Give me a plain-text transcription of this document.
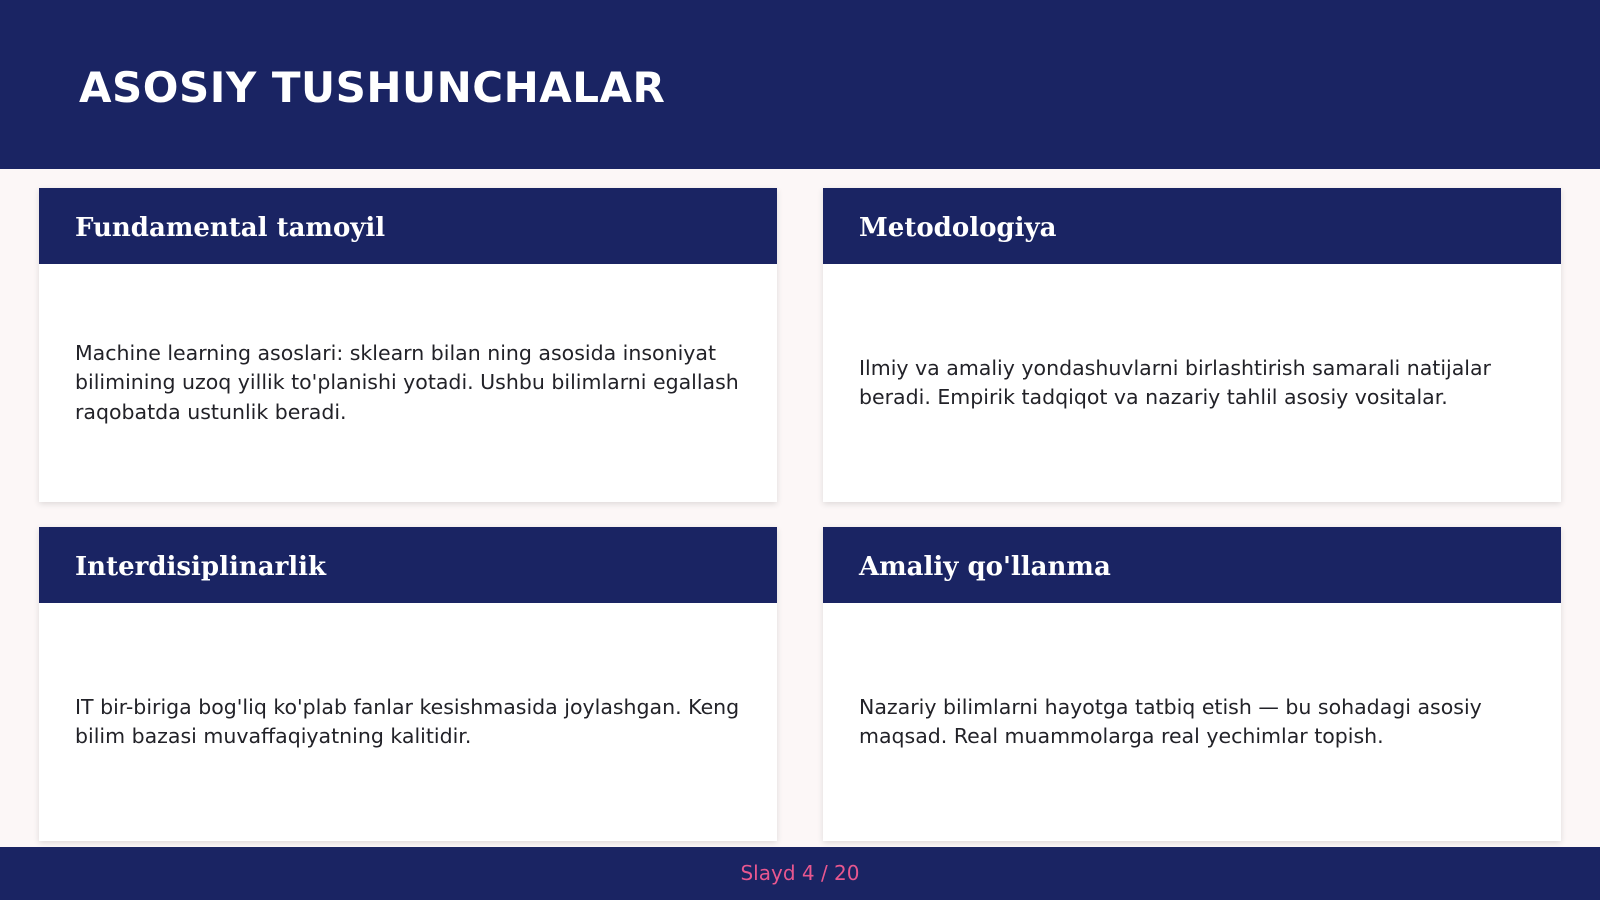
ASOSIY TUSHUNCHALAR
Fundamental tamoyil

Machine learning asoslari: sklearn bilan ning asosida insoniyat bilimining uzoq yillik to'planishi yotadi. Ushbu bilimlarni egallash raqobatda ustunlik beradi.

Metodologiya

Ilmiy va amaliy yondashuvlarni birlashtirish samarali natijalar beradi. Empirik tadqiqot va nazariy tahlil asosiy vositalar.

Interdisiplinarlik

IT bir-biriga bog'liq ko'plab fanlar kesishmasida joylashgan. Keng bilim bazasi muvaffaqiyatning kalitidir.

Amaliy qo'llanma

Nazariy bilimlarni hayotga tatbiq etish — bu sohadagi asosiy maqsad. Real muammolarga real yechimlar topish.

Slayd 4 / 20
